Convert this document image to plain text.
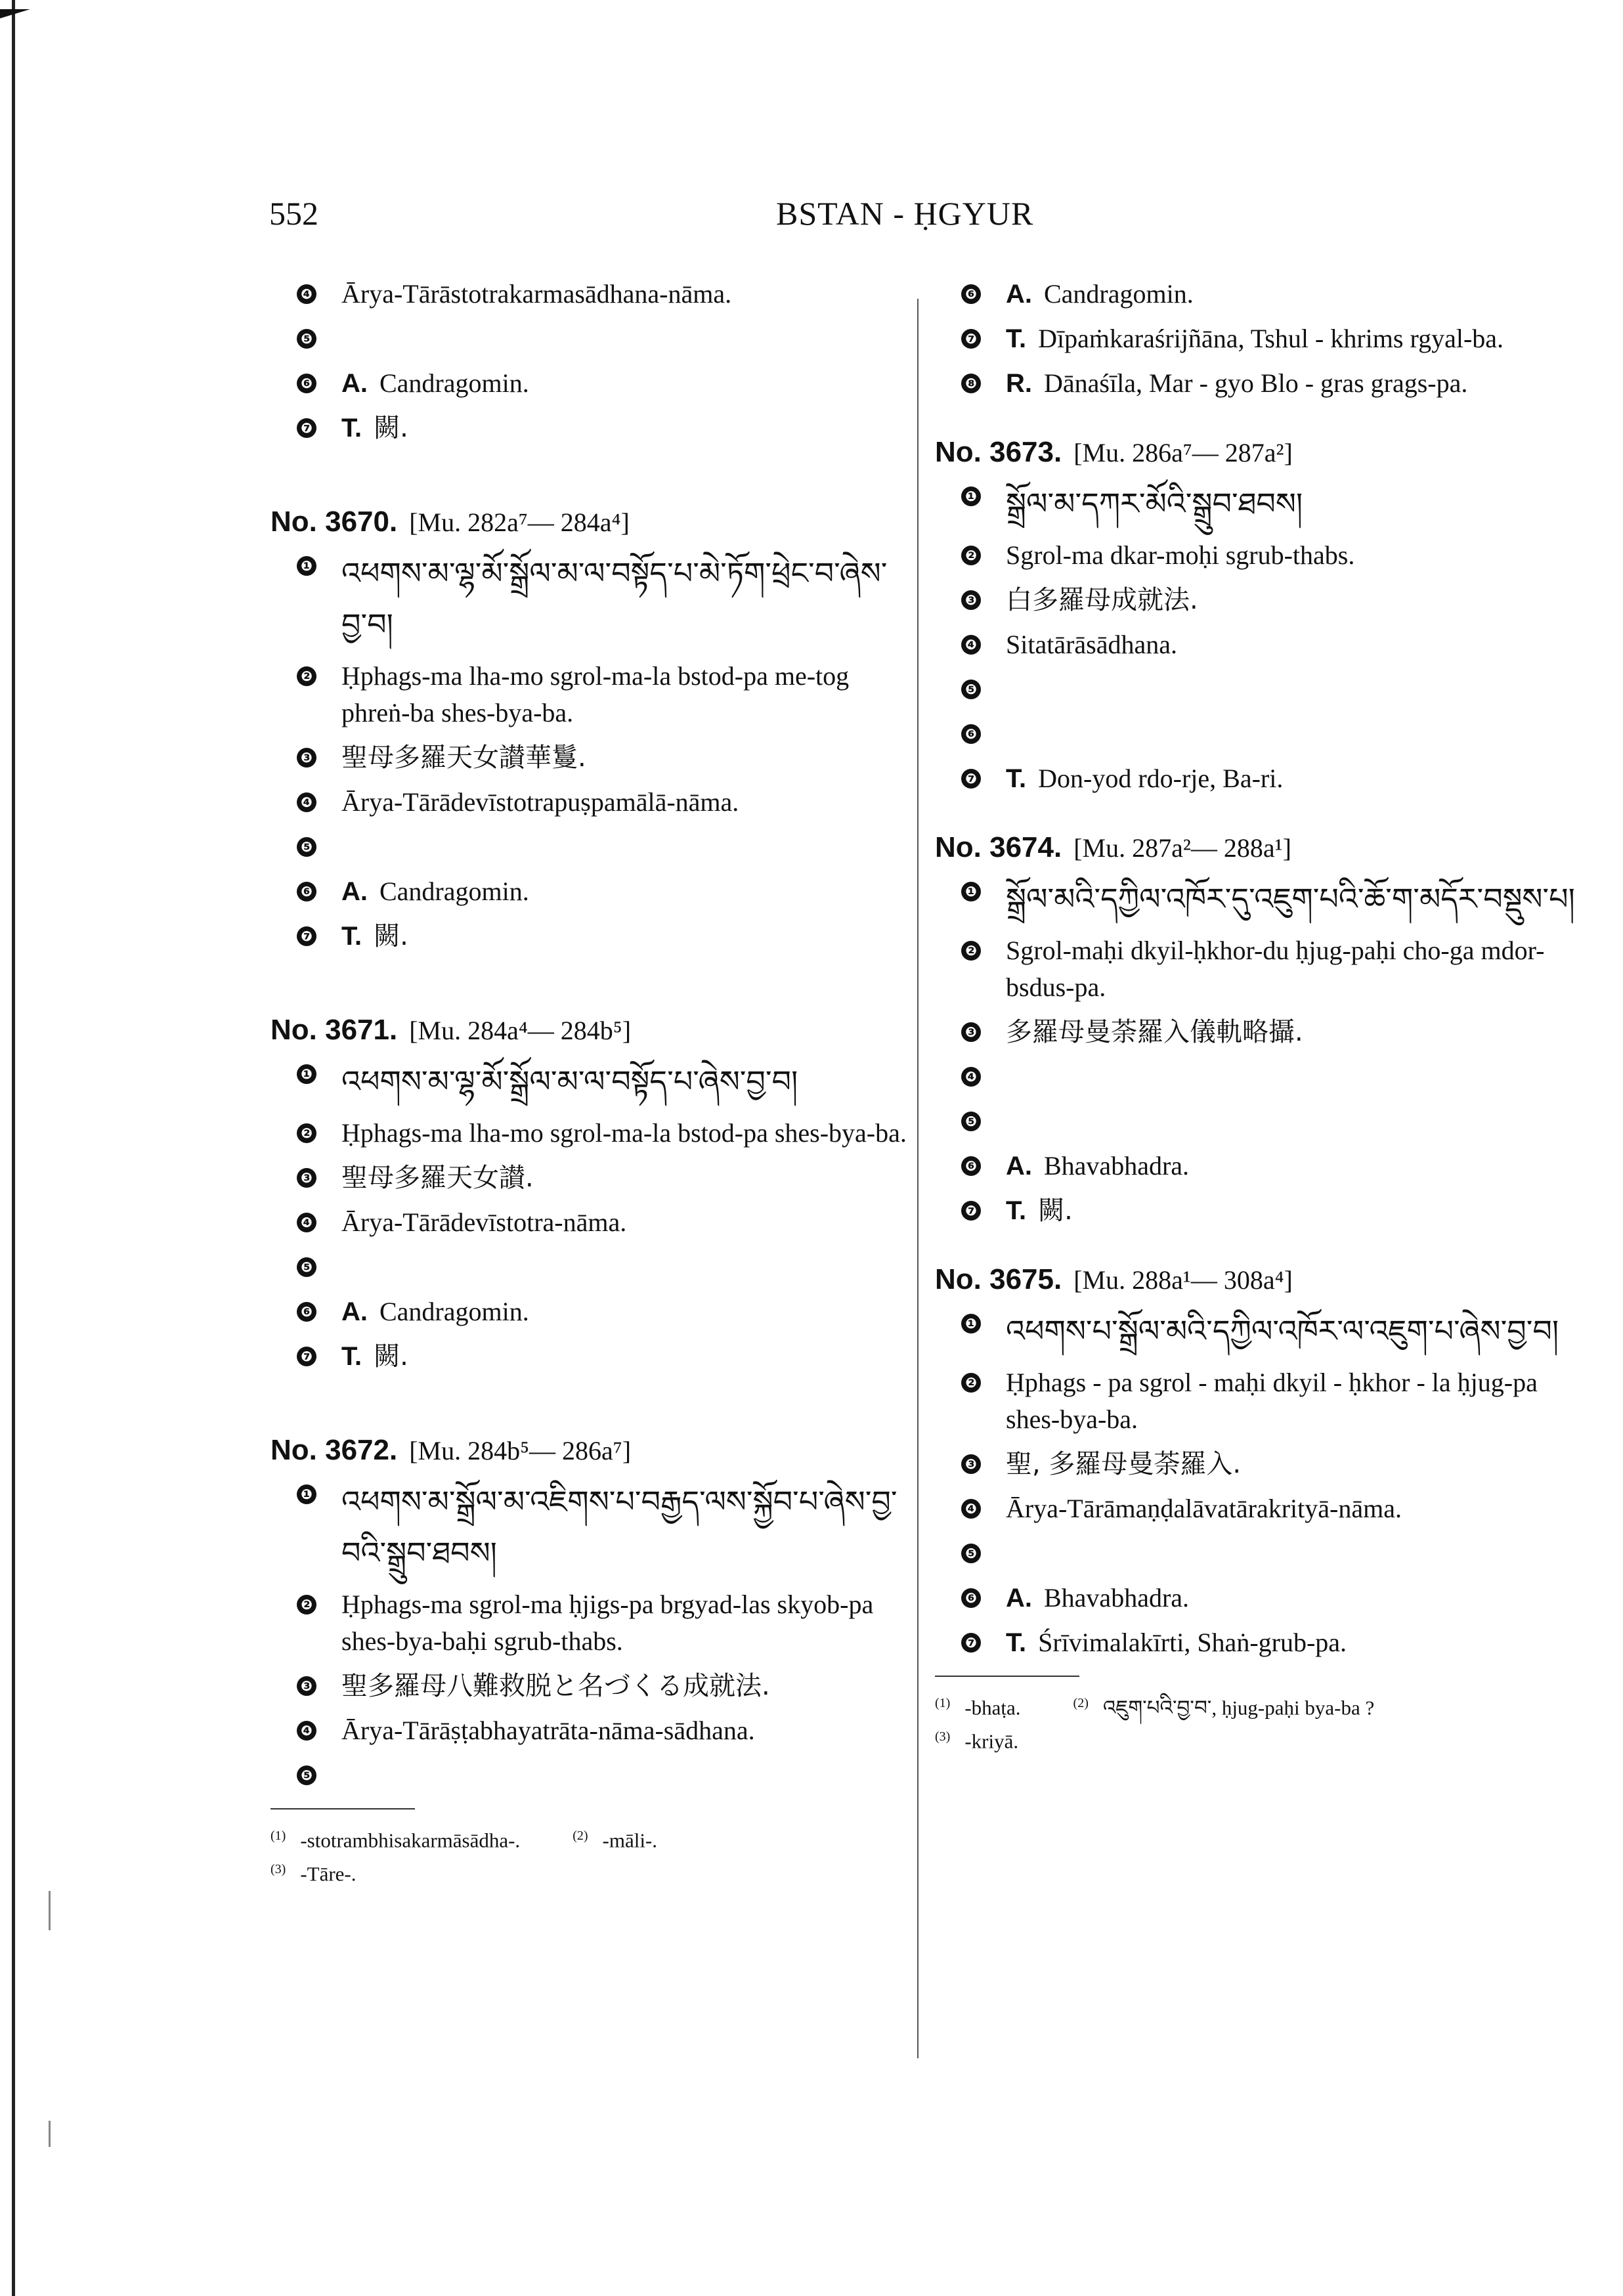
552	BSTAN - ḤGYUR
❹ Ārya-Tārāstotrakarmasādhana-nāma.
❺
❻ A. Candragomin.
❼ T. 闕.
No. 3670. [Mu. 282a⁷— 284a⁴]
❶ འཕགས་མ་ལྷ་མོ་སྒྲོལ་མ་ལ་བསྟོད་པ་མེ་ཏོག་ཕྲེང་བ་ཞེས་བྱ་བ།
❷ Ḥphags-ma lha-mo sgrol-ma-la bstod-pa me-tog phreṅ-ba shes-bya-ba.
❸ 聖母多羅天女讃華鬘.
❹ Ārya-Tārādevīstotrapuṣpamālā-nāma.
❺
❻ A. Candragomin.
❼ T. 闕.
No. 3671. [Mu. 284a⁴— 284b⁵]
❶ འཕགས་མ་ལྷ་མོ་སྒྲོལ་མ་ལ་བསྟོད་པ་ཞེས་བྱ་བ།
❷ Ḥphags-ma lha-mo sgrol-ma-la bstod-pa shes-bya-ba.
❸ 聖母多羅天女讃.
❹ Ārya-Tārādevīstotra-nāma.
❺
❻ A. Candragomin.
❼ T. 闕.
No. 3672. [Mu. 284b⁵— 286a⁷]
❶ འཕགས་མ་སྒྲོལ་མ་འཇིགས་པ་བརྒྱད་ལས་སྐྱོབ་པ་ཞེས་བྱ་བའི་སྒྲུབ་ཐབས།
❷ Ḥphags-ma sgrol-ma ḥjigs-pa brgyad-las skyob-pa shes-bya-baḥi sgrub-thabs.
❸ 聖多羅母八難救脱と名づくる成就法.
❹ Ārya-Tārāṣṭabhayatrāta-nāma-sādhana.
❺
$^{(1)}$ -stotrambhisakarmāsādha-.	$^{(2)}$ -māli-.
$^{(3)}$ -Tāre-.
❻ A. Candragomin.
❼ T. Dīpaṁkaraśrijñāna, Tshul - khrims rgyal-ba.
❽ R. Dānaśīla, Mar - gyo Blo - gras grags-pa.
No. 3673. [Mu. 286a⁷— 287a²]
❶ སྒྲོལ་མ་དཀར་མོའི་སྒྲུབ་ཐབས།
❷ Sgrol-ma dkar-moḥi sgrub-thabs.
❸ 白多羅母成就法.
❹ Sitatārāsādhana.
❺
❻
❼ T. Don-yod rdo-rje, Ba-ri.
No. 3674. [Mu. 287a²— 288a¹]
❶ སྒྲོལ་མའི་དཀྱིལ་འཁོར་དུ་འཇུག་པའི་ཆོ་ག་མདོར་བསྡུས་པ།
❷ Sgrol-maḥi dkyil-ḥkhor-du ḥjug-paḥi cho-ga mdor-bsdus-pa.
❸ 多羅母曼荼羅入儀軌略攝.
❹
❺
❻ A. Bhavabhadra.
❼ T. 闕.
No. 3675. [Mu. 288a¹— 308a⁴]
❶ འཕགས་པ་སྒྲོལ་མའི་དཀྱིལ་འཁོར་ལ་འཇུག་པ་ཞེས་བྱ་བ།
❷ Ḥphags - pa sgrol - maḥi dkyil - ḥkhor - la ḥjug-pa shes-bya-ba.
❸ 聖, 多羅母曼荼羅入.
❹ Ārya-Tārāmaṇḍalāvatārakrityā-nāma.
❺
❻ A. Bhavabhadra.
❼ T. Śrīvimalakīrti, Shaṅ-grub-pa.
$^{(1)}$ -bhaṭa.	$^{(2)}$ འཇུག་པའི་བྱ་བ་, ḥjug-paḥi bya-ba ?
$^{(3)}$ -kriyā.
